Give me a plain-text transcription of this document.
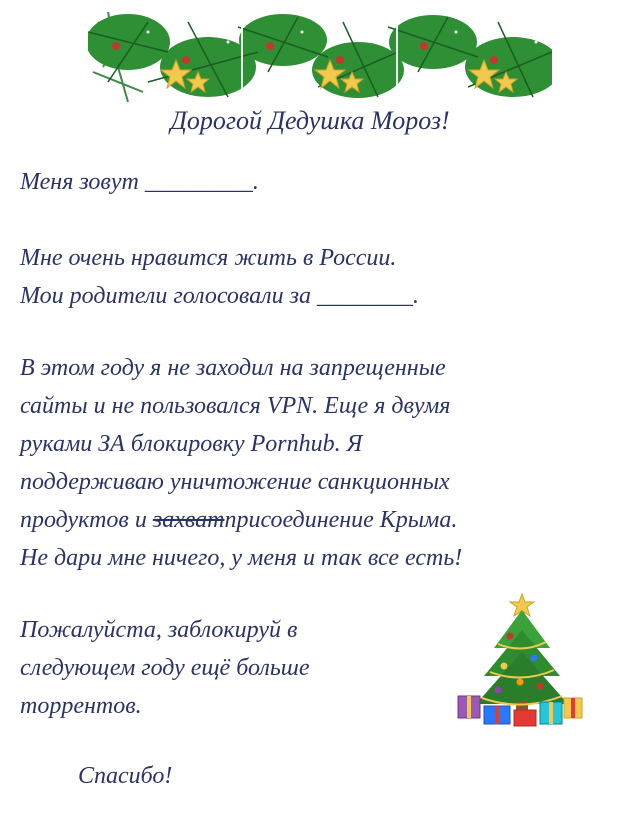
Дорогой Дедушка Мороз!
Меня зовут _________.
Мне очень нравится жить в России.
Мои родители голосовали за ________.
В этом году я не заходил на запрещенные
сайты и не пользовался VPN. Еще я двумя
руками ЗА блокировку Pornhub. Я
поддерживаю уничтожение санкционных
продуктов и захватприсоединение Крыма.
Не дари мне ничего, у меня и так все есть!
Пожалуйста, заблокируй в
следующем году ещё больше
торрентов.
Спасибо!
